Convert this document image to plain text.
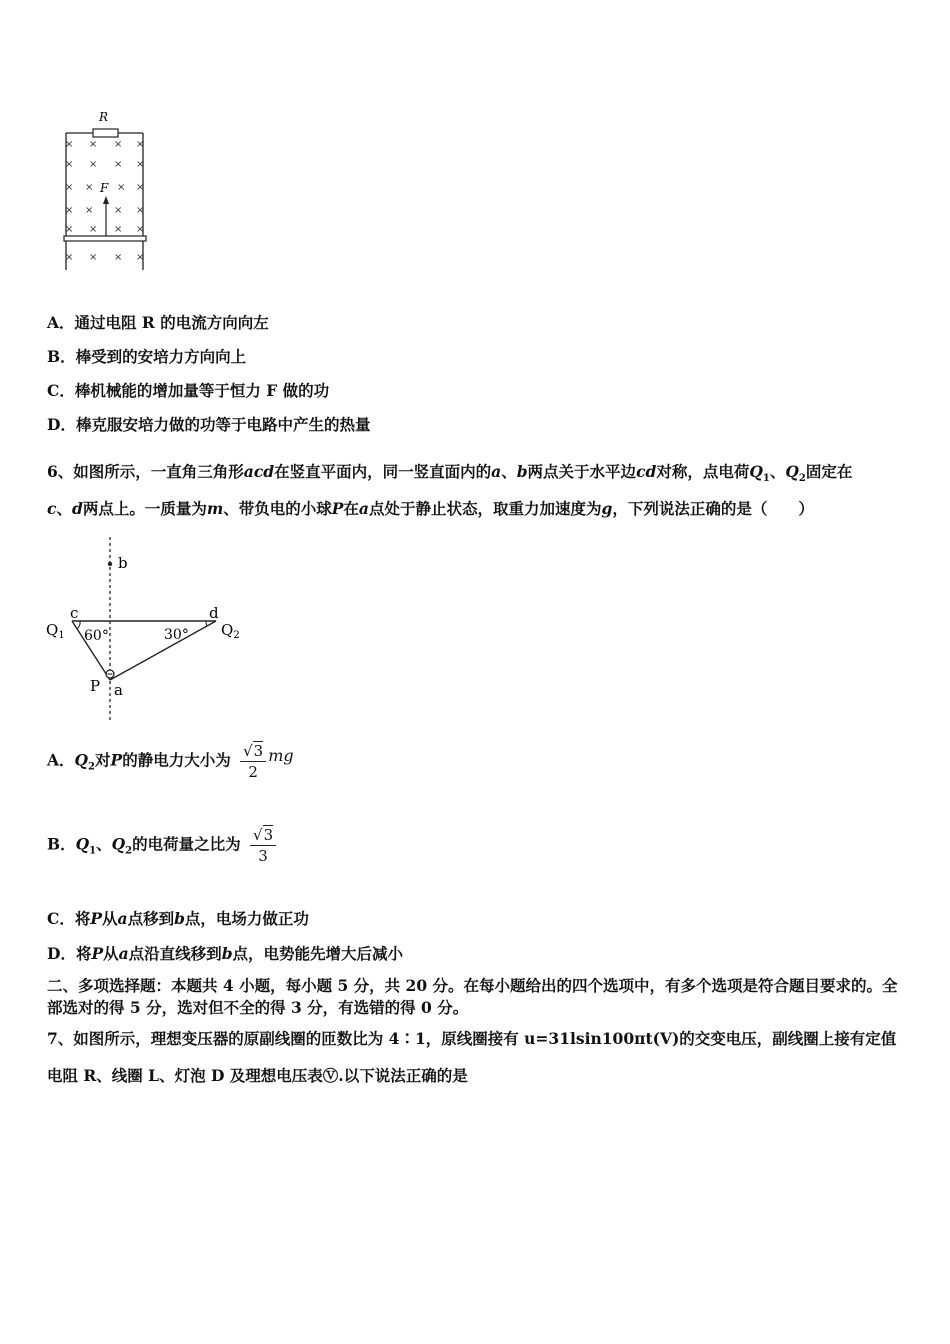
R
F
× × × ×
× × × ×
× × × ×
× × × ×
× × × ×
× × × ×
A．通过电阻 R 的电流方向向左
B．棒受到的安培力方向向上
C．棒机械能的增加量等于恒力 F 做的功
D．棒克服安培力做的功等于电路中产生的热量
6、如图所示，一直角三角形acd在竖直平面内，同一竖直面内的a、b两点关于水平边cd对称，点电荷$Q_1$、$Q_2$固定在
c、d两点上。一质量为m、带负电的小球P在a点处于静止状态，取重力加速度为g，下列说法正确的是（　　）
b
c	d
$Q_1$	$Q_2$
60°	30°
P a
A．$Q_2$对P的静电力大小为 $\frac{√3}{2}$ mg
B．$Q_1$、$Q_2$的电荷量之比为 $\frac{√3}{3}$
C．将P从a点移到b点，电场力做正功
D．将P从a点沿直线移到b点，电势能先增大后减小
二、多项选择题：本题共 4 小题，每小题 5 分，共 20 分。在每小题给出的四个选项中，有多个选项是符合题目要求的。全部选对的得 5 分，选对但不全的得 3 分，有选错的得 0 分。
7、如图所示，理想变压器的原副线圈的匝数比为 4∶1，原线圈接有 u=31lsin100πt(V)的交变电压，副线圈上接有定值
电阻 R、线圈 L、灯泡 D 及理想电压表Ⓥ.以下说法正确的是
